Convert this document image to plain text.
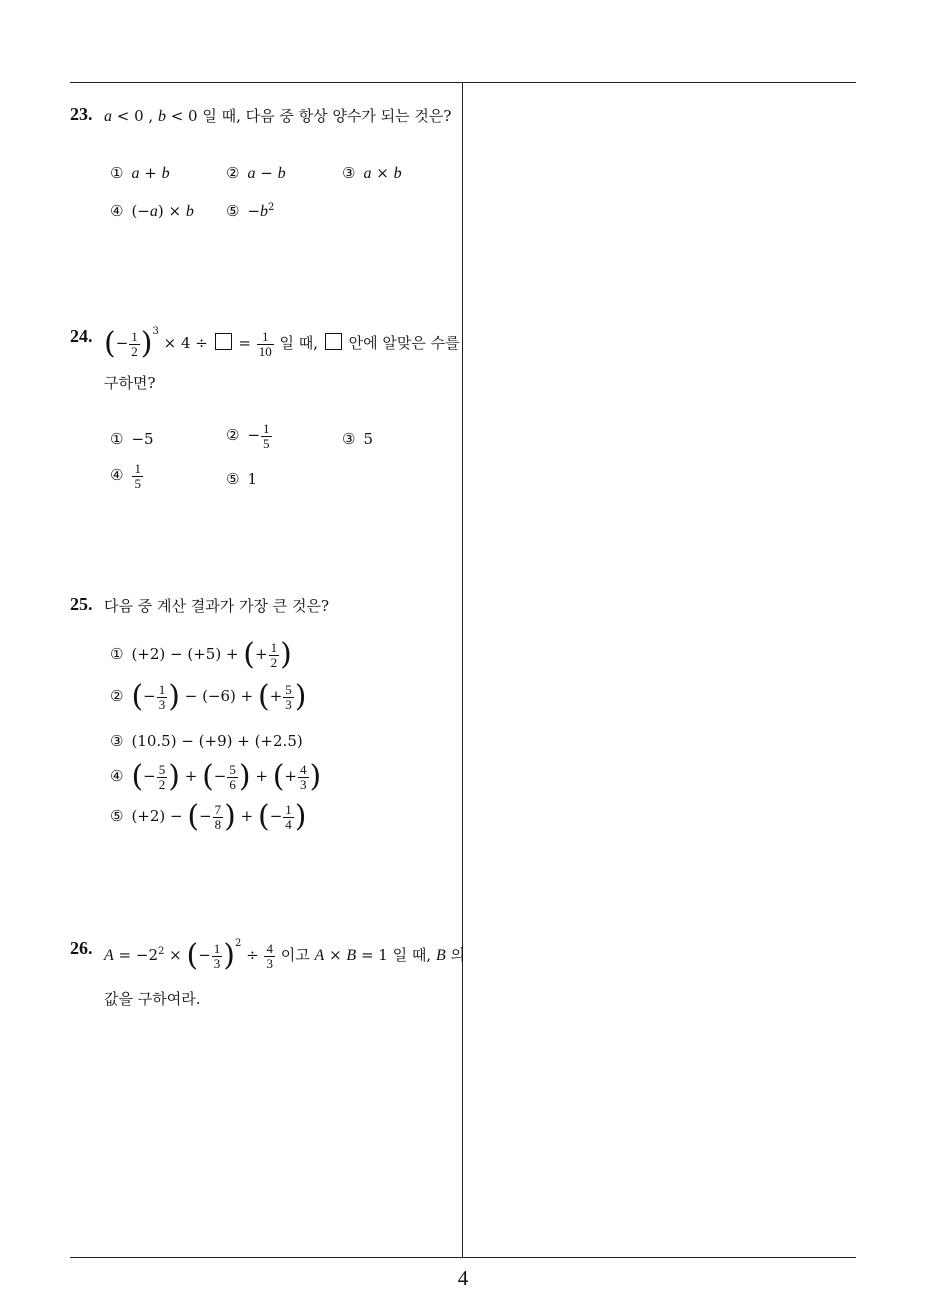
4
23. a < 0 , b < 0 일 때, 다음 중 항상 양수가 되는 것은?
① a + b	② a − b	③ a × b
④ (−a) × b ⑤ $-b^2$
24. (− $\frac{1}{2} )^3 \times 4$ ÷  = $\frac{1}{10}$ 일 때, 안에 알맞은 수를
구하면?
① −5	② − $\frac{1}{5}$	③ 5
④ $\frac{1}{5}$	⑤ 1
25. 다음 중 계산 결과가 가장 큰 것은?
① (+2) − (+5) + (+ $\frac{1}{2}$ )
② (− $\frac{1}{3}$ ) − (−6) + (+ $\frac{5}{3}$ )
③ (10.5) − (+9) + (+2.5)
④ (− $\frac{5}{2}$ ) + (− $\frac{5}{6}$ ) + (+ $\frac{4}{3}$ )
⑤ (+2) − (− $\frac{7}{8}$ ) + (− $\frac{1}{4}$ )
26. $A = -2^2$ × (− $\frac{1}{3} )^2 \div \frac{4}{3}$ 이고 A × B = 1 일 때, B 의
값을 구하여라.
